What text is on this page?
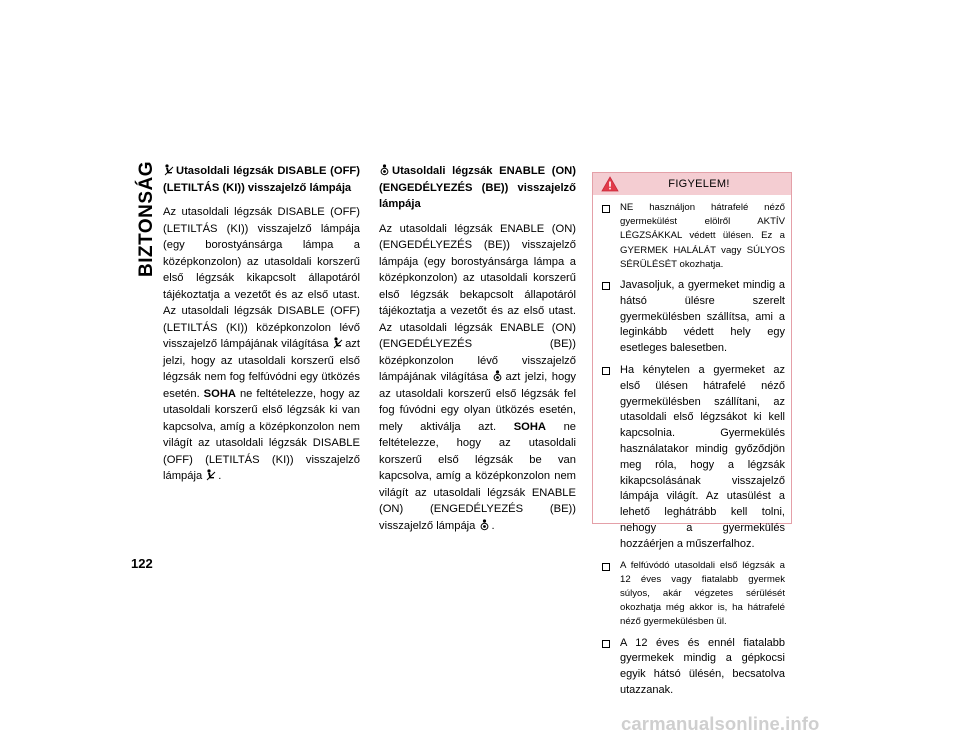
BIZTONSÁG
122

Utasoldali légzsák DISABLE (OFF) (LETILTÁS (KI)) visszajelző lámpája

Az utasoldali légzsák DISABLE (OFF) (LETILTÁS (KI)) visszajelző lámpája (egy borostyánsárga lámpa a középkonzolon) az utasoldali korszerű első légzsák kikapcsolt állapotáról tájékoztatja a vezetőt és az első utast. Az utasoldali légzsák DISABLE (OFF) (LETILTÁS (KI)) középkonzolon lévő visszajelző lámpájának világítása azt jelzi, hogy az utasoldali korszerű első légzsák nem fog felfúvódni egy ütközés esetén. SOHA ne feltételezze, hogy az utasoldali korszerű első légzsák ki van kapcsolva, amíg a középkonzolon nem világít az utasoldali légzsák DISABLE (OFF) (LETILTÁS (KI)) visszajelző lámpája .

Utasoldali légzsák ENABLE (ON) (ENGEDÉLYEZÉS (BE)) visszajelző lámpája

Az utasoldali légzsák ENABLE (ON) (ENGEDÉLYEZÉS (BE)) visszajelző lámpája (egy borostyánsárga lámpa a középkonzolon) az utasoldali korszerű első légzsák bekapcsolt állapotáról tájékoztatja a vezetőt és az első utast. Az utasoldali légzsák ENABLE (ON) (ENGEDÉLYEZÉS (BE)) középkonzolon lévő visszajelző lámpájának világítása azt jelzi, hogy az utasoldali korszerű első légzsák fel fog fúvódni egy olyan ütközés esetén, mely aktiválja azt. SOHA ne feltételezze, hogy az utasoldali korszerű első légzsák be van kapcsolva, amíg a középkonzolon nem világít az utasoldali légzsák ENABLE (ON) (ENGEDÉLYEZÉS (BE)) visszajelző lámpája .

FIGYELEM!
NE használjon hátrafelé néző gyermekülést elölről AKTÍV LÉGZSÁKKAL védett ülésen. Ez a GYERMEK HALÁLÁT vagy SÚLYOS SÉRÜLÉSÉT okozhatja.
Javasoljuk, a gyermeket mindig a hátsó ülésre szerelt gyermekülésben szállítsa, ami a leginkább védett hely egy esetleges balesetben.
Ha kénytelen a gyermeket az első ülésen hátrafelé néző gyermekülésben szállítani, az utasoldali első légzsákot ki kell kapcsolnia. Gyermekülés használatakor mindig győződjön meg róla, hogy a légzsák kikapcsolásának visszajelző lámpája világít. Az utasülést a lehető leghátrább kell tolni, nehogy a gyermekülés hozzáérjen a műszerfalhoz.
A felfúvódó utasoldali első légzsák a 12 éves vagy fiatalabb gyermek súlyos, akár végzetes sérülését okozhatja még akkor is, ha hátrafelé néző gyermekülésben ül.
A 12 éves és ennél fiatalabb gyermekek mindig a gépkocsi egyik hátsó ülésén, becsatolva utazzanak.
carmanualsonline.info
